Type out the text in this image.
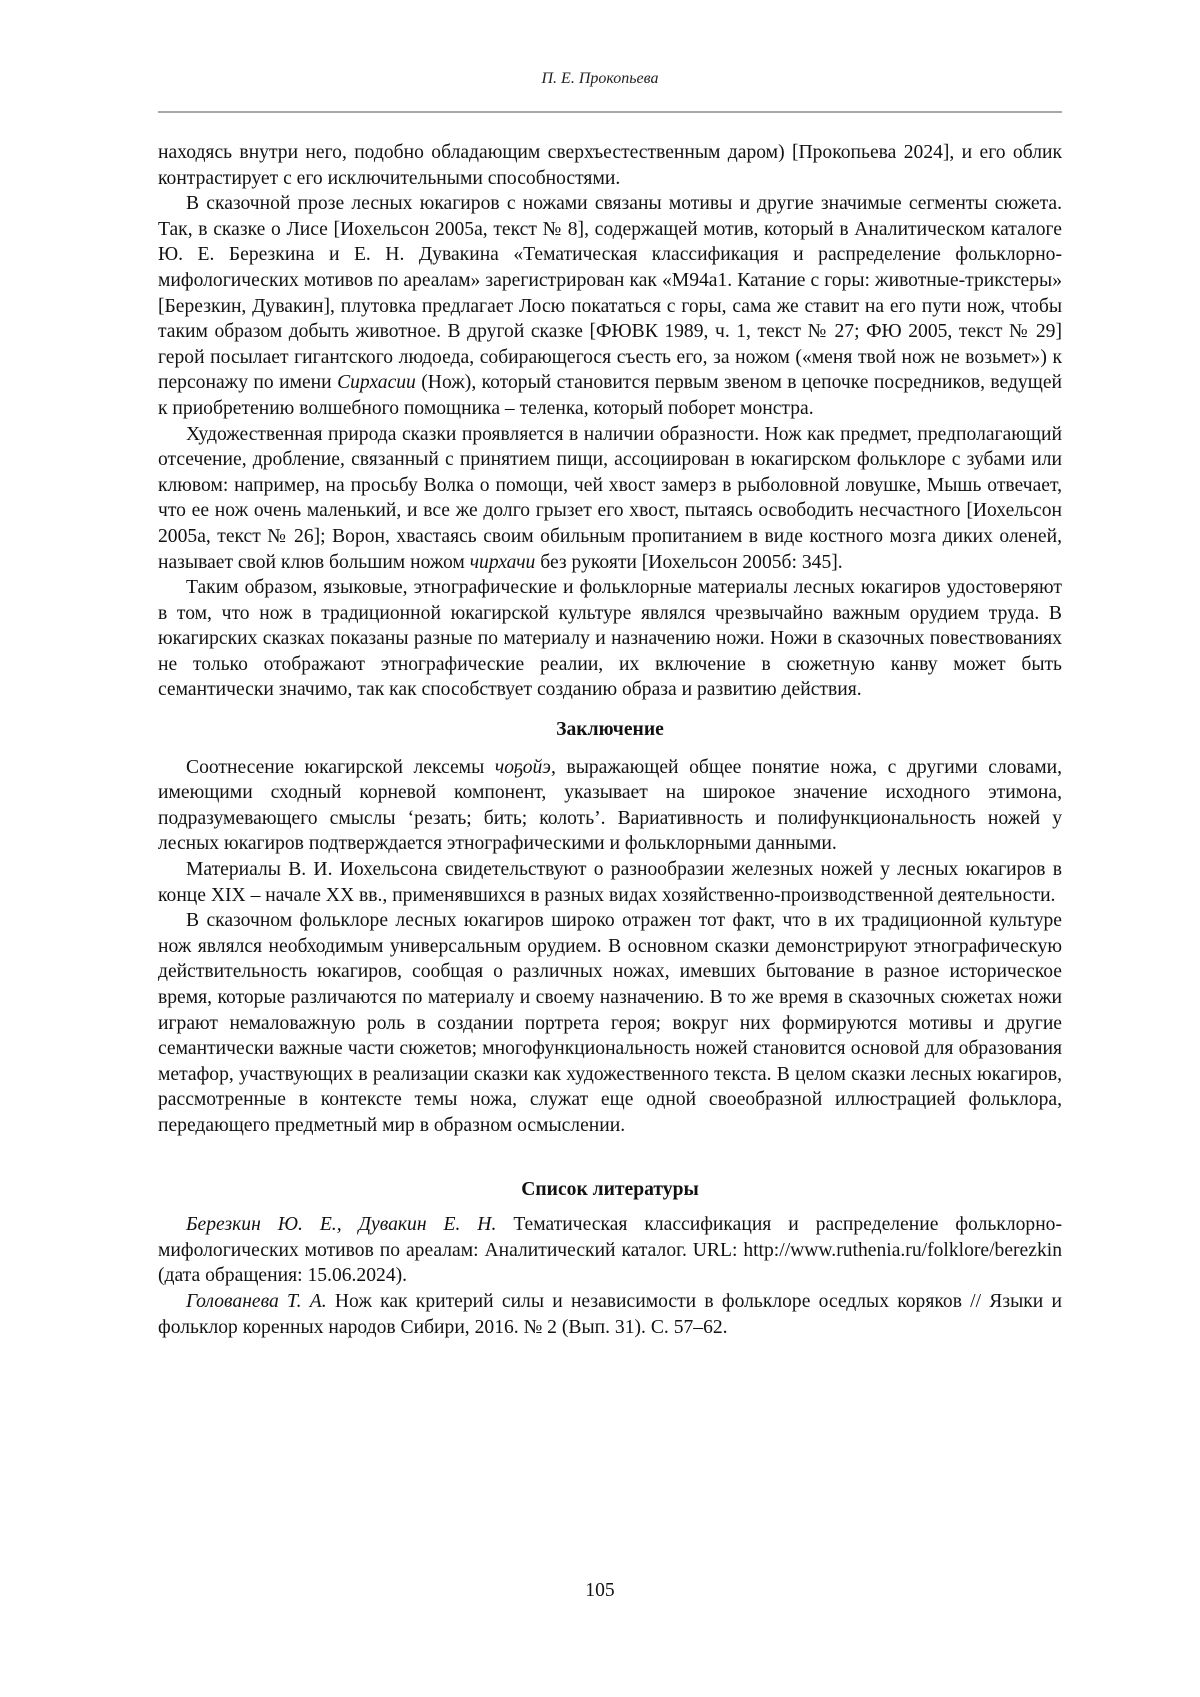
П. Е. Прокопьева

находясь внутри него, подобно обладающим сверхъестественным даром) [Прокопьева 2024], и его облик контрастирует с его исключительными способностями.

В сказочной прозе лесных юкагиров с ножами связаны мотивы и другие значимые сегменты сюжета. Так, в сказке о Лисе [Иохельсон 2005а, текст № 8], содержащей мотив, который в Аналитическом каталоге Ю. Е. Березкина и Е. Н. Дувакина «Тематическая классификация и распределение фольклорно-мифологических мотивов по ареалам» зарегистрирован как «M94a1. Катание с горы: животные-трикстеры» [Березкин, Дувакин], плутовка предлагает Лосю покататься с горы, сама же ставит на его пути нож, чтобы таким образом добыть животное. В другой сказке [ФЮВК 1989, ч. 1, текст № 27; ФЮ 2005, текст № 29] герой посылает гигантского людоеда, собирающегося съесть его, за ножом («меня твой нож не возьмет») к персонажу по имени Сирхасии (Нож), который становится первым звеном в цепочке посредников, ведущей к приобретению волшебного помощника – теленка, который поборет монстра.

Художественная природа сказки проявляется в наличии образности. Нож как предмет, предполагающий отсечение, дробление, связанный с принятием пищи, ассоциирован в юкагирском фольклоре с зубами или клювом: например, на просьбу Волка о помощи, чей хвост замерз в рыболовной ловушке, Мышь отвечает, что ее нож очень маленький, и все же долго грызет его хвост, пытаясь освободить несчастного [Иохельсон 2005а, текст № 26]; Ворон, хвастаясь своим обильным пропитанием в виде костного мозга диких оленей, называет свой клюв большим ножом чирхачи без рукояти [Иохельсон 2005б: 345].

Таким образом, языковые, этнографические и фольклорные материалы лесных юкагиров удостоверяют в том, что нож в традиционной юкагирской культуре являлся чрезвычайно важным орудием труда. В юкагирских сказках показаны разные по материалу и назначению ножи. Ножи в сказочных повествованиях не только отображают этнографические реалии, их включение в сюжетную канву может быть семантически значимо, так как способствует созданию образа и развитию действия.

Заключение

Соотнесение юкагирской лексемы чоҕойэ, выражающей общее понятие ножа, с другими словами, имеющими сходный корневой компонент, указывает на широкое значение исходного этимона, подразумевающего смыслы ‘резать; бить; колоть’. Вариативность и полифункциональность ножей у лесных юкагиров подтверждается этнографическими и фольклорными данными.

Материалы В. И. Иохельсона свидетельствуют о разнообразии железных ножей у лесных юкагиров в конце XIX – начале XX вв., применявшихся в разных видах хозяйственно-производственной деятельности.

В сказочном фольклоре лесных юкагиров широко отражен тот факт, что в их традиционной культуре нож являлся необходимым универсальным орудием. В основном сказки демонстрируют этнографическую действительность юкагиров, сообщая о различных ножах, имевших бытование в разное историческое время, которые различаются по материалу и своему назначению. В то же время в сказочных сюжетах ножи играют немаловажную роль в создании портрета героя; вокруг них формируются мотивы и другие семантически важные части сюжетов; многофункциональность ножей становится основой для образования метафор, участвующих в реализации сказки как художественного текста. В целом сказки лесных юкагиров, рассмотренные в контексте темы ножа, служат еще одной своеобразной иллюстрацией фольклора, передающего предметный мир в образном осмыслении.

Список литературы

Березкин Ю. Е., Дувакин Е. Н. Тематическая классификация и распределение фольклорно-мифологических мотивов по ареалам: Аналитический каталог. URL: http://www.ruthenia.ru/folklore/berezkin (дата обращения: 15.06.2024).

Голованева Т. А. Нож как критерий силы и независимости в фольклоре оседлых коряков // Языки и фольклор коренных народов Сибири, 2016. № 2 (Вып. 31). С. 57–62.

105
